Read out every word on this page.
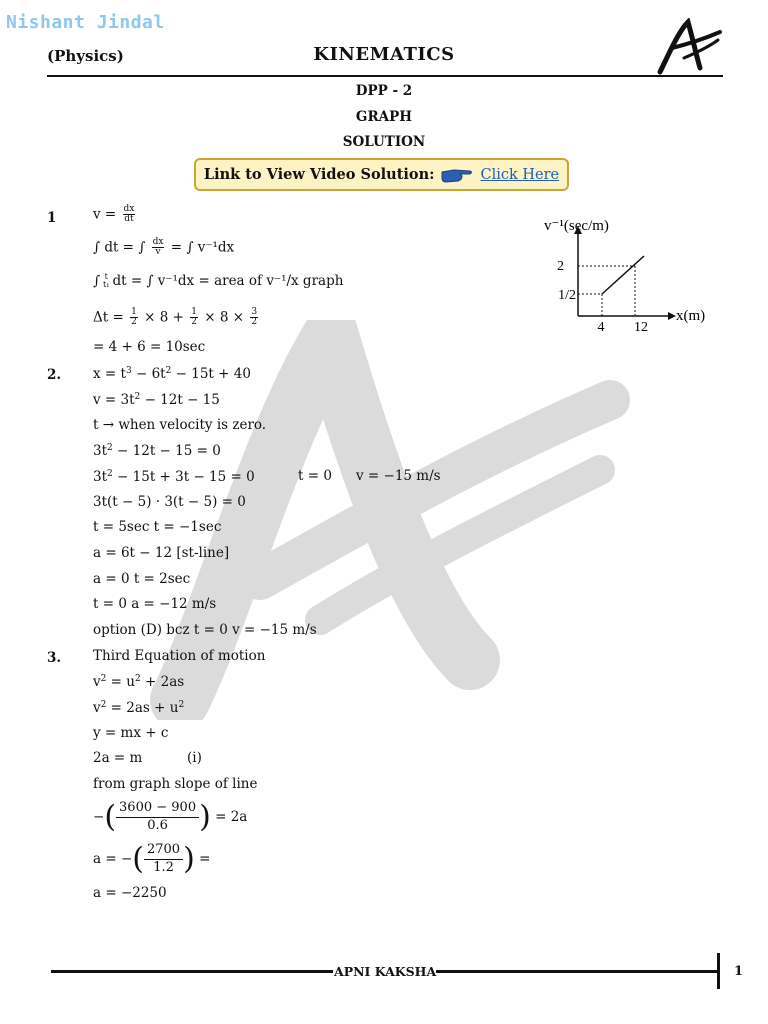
Nishant Jindal
(Physics)	KINEMATICS
DPP - 2
GRAPH
SOLUTION
Link to View Video Solution:	Click Here
v⁻¹(sec/m)
2
1/2
4 12
x(m)
1	$v = \frac{dx}{dt}$
∫ dt = ∫ $\frac{dx}{v}$ = ∫ v⁻¹dx
∫ t
t₁ dt = ∫ v⁻¹dx = area of v⁻¹/x graph
$\Delta t = \frac{1}{2} \times 8 + \frac{1}{2} \times 8 \times \frac{3}{2}$
= 4 + 6 = 10sec
2. $x = t^3 - 6t^2 - 15t + 40$
$v = 3t^2 - 12t - 15$
t → when velocity is zero.
$3t^2 - 12t - 15 = 0$
$3t^2 - 15t + 3t - 15 = 0$	t = 0 v = −15 m/s
3t(t − 5) · 3(t − 5) = 0
t = 5sec t = −1sec
a = 6t − 12 [st-line]
a = 0 t = 2sec
t = 0 a = −12 m/s
option (D) bcz t = 0 v = −15 m/s
3. Third Equation of motion
$v^2 = u^2 + 2as$
$v^2 = 2as + u^2$
y = mx + c
2a = m	(i)
from graph slope of line
−( $\frac{3600 - 900}{0.6}$ ) = 2a
a = −( $\frac{2700}{1.2}$ ) =
a = −2250
APNI KAKSHA	1
